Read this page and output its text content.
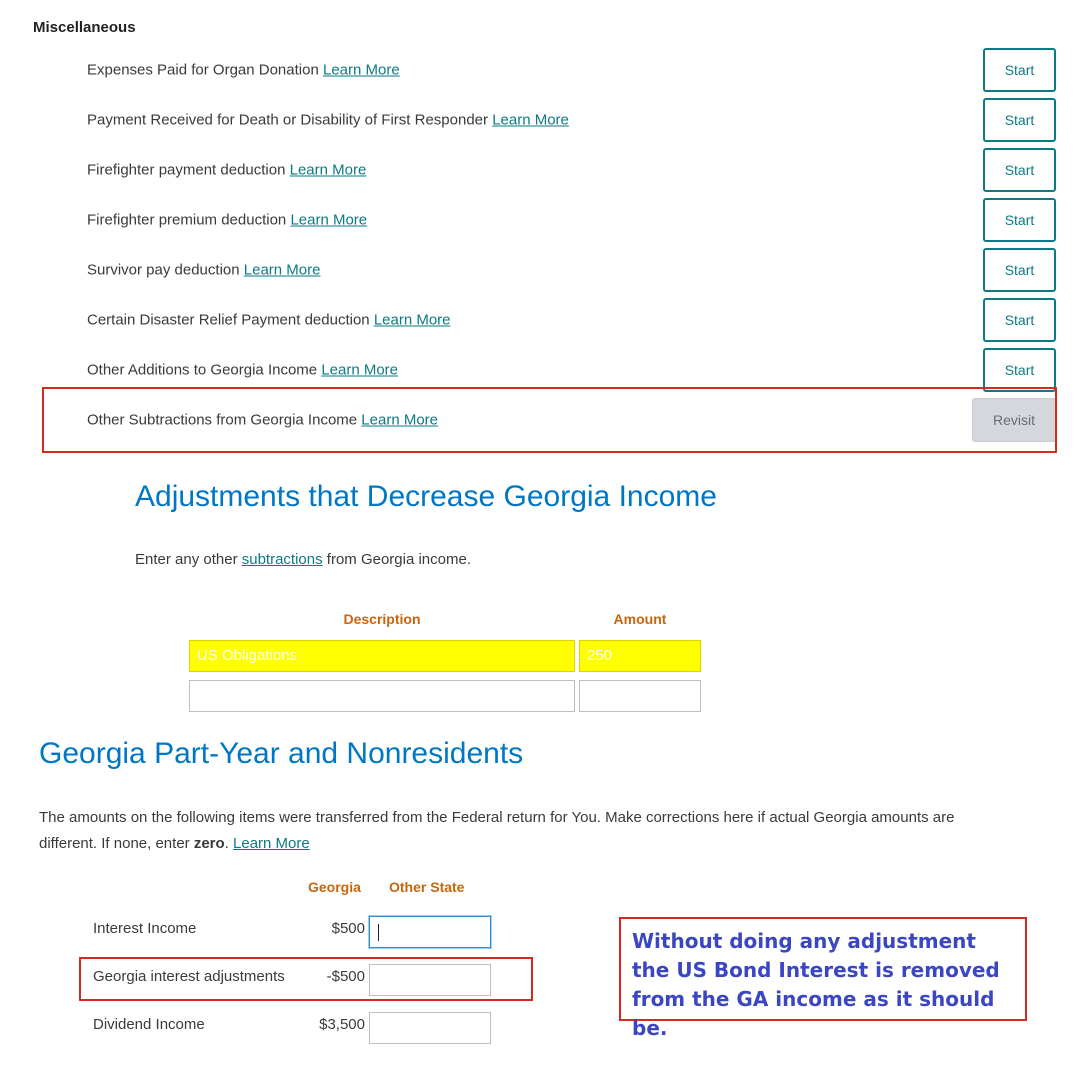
Miscellaneous
Expenses Paid for Organ Donation Learn More	Start
Payment Received for Death or Disability of First Responder Learn More	Start
Firefighter payment deduction Learn More	Start
Firefighter premium deduction Learn More	Start
Survivor pay deduction Learn More	Start
Certain Disaster Relief Payment deduction Learn More	Start
Other Additions to Georgia Income Learn More	Start
Other Subtractions from Georgia Income Learn More	Revisit
Adjustments that Decrease Georgia Income
Enter any other subtractions from Georgia income.
Description	Amount
US Obligations	250
Georgia Part-Year and Nonresidents
The amounts on the following items were transferred from the Federal return for You. Make corrections here if actual Georgia amounts are
different. If none, enter zero. Learn More
Georgia Other State
Interest Income	$500
Georgia interest adjustments	-$500
Dividend Income	$3,500
Without doing any adjustment the US Bond Interest is removed from the GA income as it should be.
